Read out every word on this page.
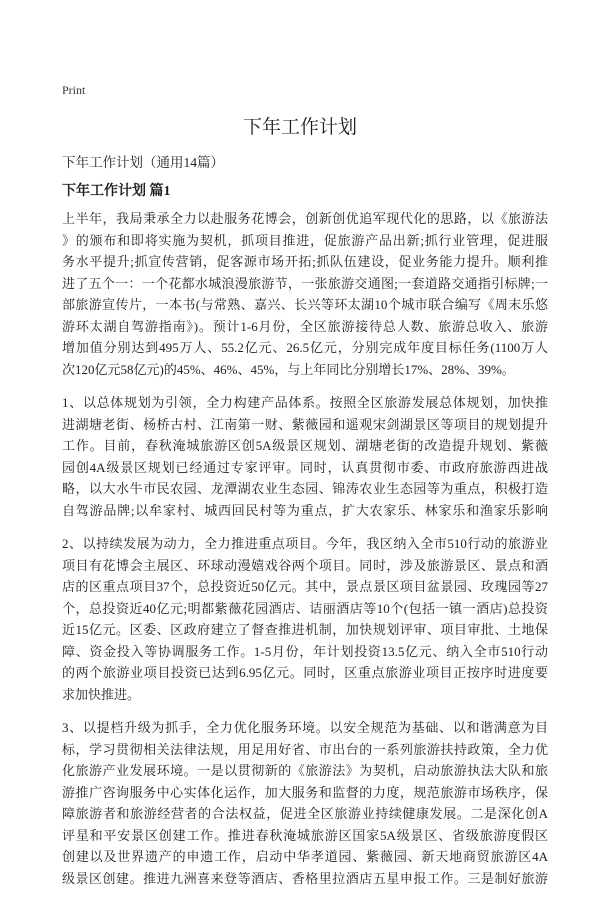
Print
下年工作计划
下年工作计划（通用14篇）
下年工作计划 篇1
上半年，我局秉承全力以赴服务花博会，创新创优追军现代化的思路，以《旅游法
》的颁布和即将实施为契机，抓项目推进，促旅游产品出新;抓行业管理，促进服
务水平提升;抓宣传营销，促客源市场开拓;抓队伍建设，促业务能力提升。顺利推
进了五个一：一个花都水城浪漫旅游节，一张旅游交通图;一套道路交通指引标牌;一
部旅游宣传片，一本书(与常熟、嘉兴、长兴等环太湖10个城市联合编写《周末乐悠
游环太湖自驾游指南》)。预计1-6月份，全区旅游接待总人数、旅游总收入、旅游
增加值分别达到495万人、55.2亿元、26.5亿元，分别完成年度目标任务(1100万人
次120亿元58亿元)的45%、46%、45%，与上年同比分别增长17%、28%、39%。
1、以总体规划为引领，全力构建产品体系。按照全区旅游发展总体规划，加快推
进湖塘老街、杨桥古村、江南第一财、紫薇园和遥观宋剑湖景区等项目的规划提升
工作。目前，春秋淹城旅游区创5A级景区规划、湖塘老街的改造提升规划、紫薇
园创4A级景区规划已经通过专家评审。同时，认真贯彻市委、市政府旅游西进战
略，以大水牛市民农园、龙潭湖农业生态园、锦涛农业生态园等为重点，积极打造
自驾游品牌;以牟家村、城西回民村等为重点，扩大农家乐、林家乐和渔家乐影响
2、以持续发展为动力，全力推进重点项目。今年，我区纳入全市510行动的旅游业
项目有花博会主展区、环球动漫嬉戏谷两个项目。同时，涉及旅游景区、景点和酒
店的区重点项目37个，总投资近50亿元。其中，景点景区项目盆景园、玫瑰园等27
个，总投资近40亿元;明都紫薇花园酒店、诘丽酒店等10个(包括一镇一酒店)总投资
近15亿元。区委、区政府建立了督查推进机制，加快规划评审、项目审批、土地保
障、资金投入等协调服务工作。1-5月份，年计划投资13.5亿元、纳入全市510行动
的两个旅游业项目投资已达到6.95亿元。同时，区重点旅游业项目正按序时进度要
求加快推进。
3、以提档升级为抓手，全力优化服务环境。以安全规范为基础、以和谐满意为目
标，学习贯彻相关法律法规，用足用好省、市出台的一系列旅游扶持政策，全力优
化旅游产业发展环境。一是以贯彻新的《旅游法》为契机，启动旅游执法大队和旅
游推广咨询服务中心实体化运作，加大服务和监督的力度，规范旅游市场秩序，保
障旅游者和旅游经营者的合法权益，促进全区旅游业持续健康发展。二是深化创A
评星和平安景区创建工作。推进春秋淹城旅游区国家5A级景区、省级旅游度假区
创建以及世界遗产的申遗工作，启动中华孝道园、紫薇园、新天地商贸旅游区4A
级景区创建。推进九洲喜来登等酒店、香格里拉酒店五星申报工作。三是制好旅游
